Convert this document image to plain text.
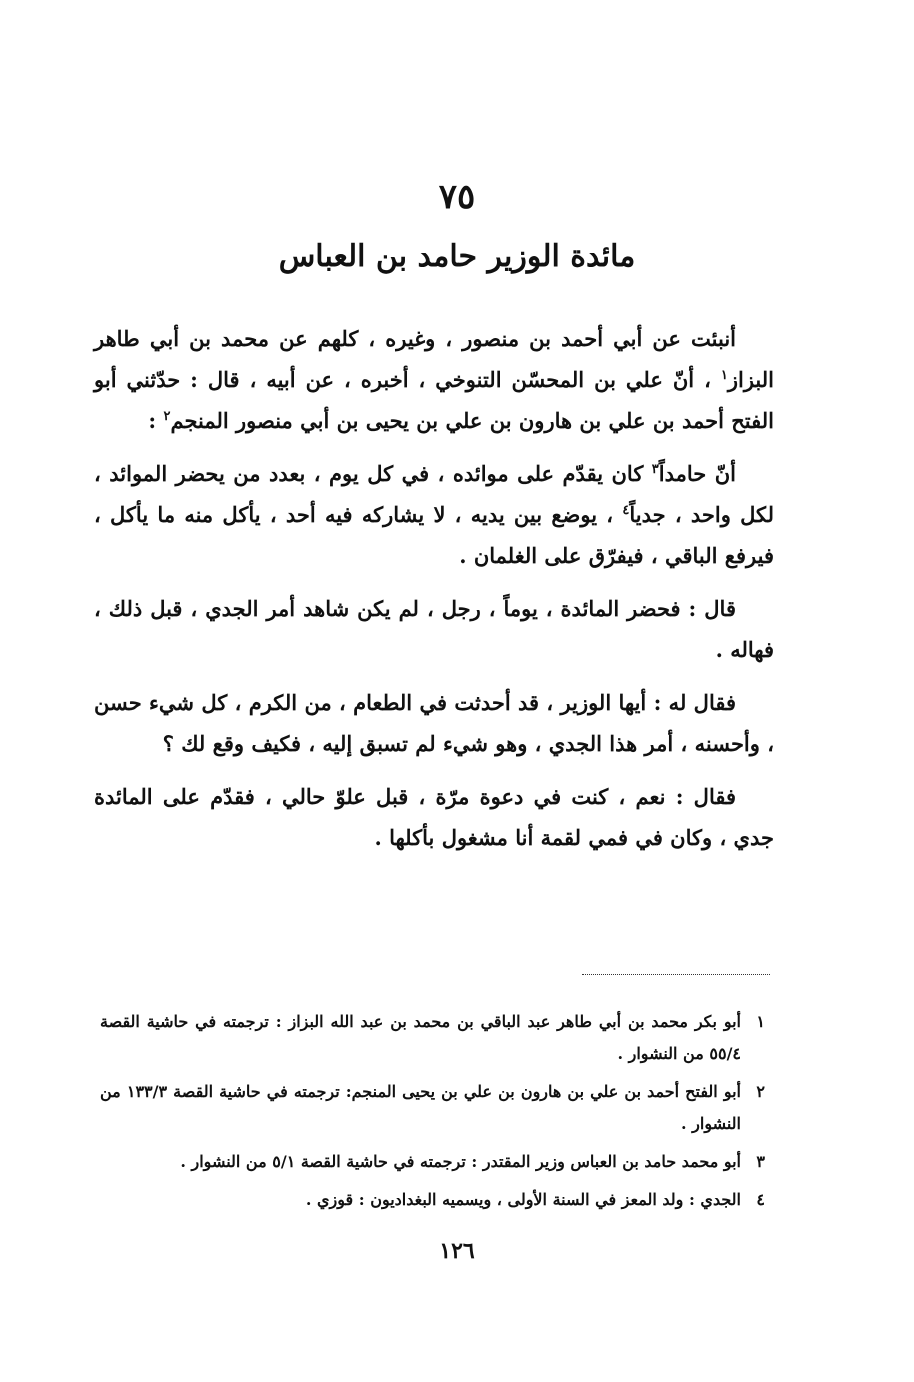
٧٥
مائدة الوزير حامد بن العباس

أنبئت عن أبي أحمد بن منصور ، وغيره ، كلهم عن محمد بن أبي طاهر البزاز$^١$ ، أنّ علي بن المحسّن التنوخي ، أخبره ، عن أبيه ، قال : حدّثني أبو الفتح أحمد بن علي بن هارون بن علي بن يحيى بن أبي منصور المنجم$^٢$ :

أنّ حامداً$^٣$ كان يقدّم على موائده ، في كل يوم ، بعدد من يحضر الموائد ، لكل واحد ، جدياً$^٤$ ، يوضع بين يديه ، لا يشاركه فيه أحد ، يأكل منه ما يأكل ، فيرفع الباقي ، فيفرّق على الغلمان .

قال : فحضر المائدة ، يوماً ، رجل ، لم يكن شاهد أمر الجدي ، قبل ذلك ، فهاله .

فقال له : أيها الوزير ، قد أحدثت في الطعام ، من الكرم ، كل شيء حسن ، وأحسنه ، أمر هذا الجدي ، وهو شيء لم تسبق إليه ، فكيف وقع لك ؟

فقال : نعم ، كنت في دعوة مرّة ، قبل علوّ حالي ، فقدّم على المائدة جدي ، وكان في فمي لقمة أنا مشغول بأكلها .

١
أبو بكر محمد بن أبي طاهر عبد الباقي بن محمد بن عبد الله البزاز : ترجمته في حاشية القصة ٥٥/٤ من النشوار .
٢
أبو الفتح أحمد بن علي بن هارون بن علي بن يحيى المنجم: ترجمته في حاشية القصة ١٣٣/٣ من النشوار .
٣
أبو محمد حامد بن العباس وزير المقتدر : ترجمته في حاشية القصة ٥/١ من النشوار .
٤
الجدي : ولد المعز في السنة الأولى ، ويسميه البغداديون : قوزي .
١٢٦
